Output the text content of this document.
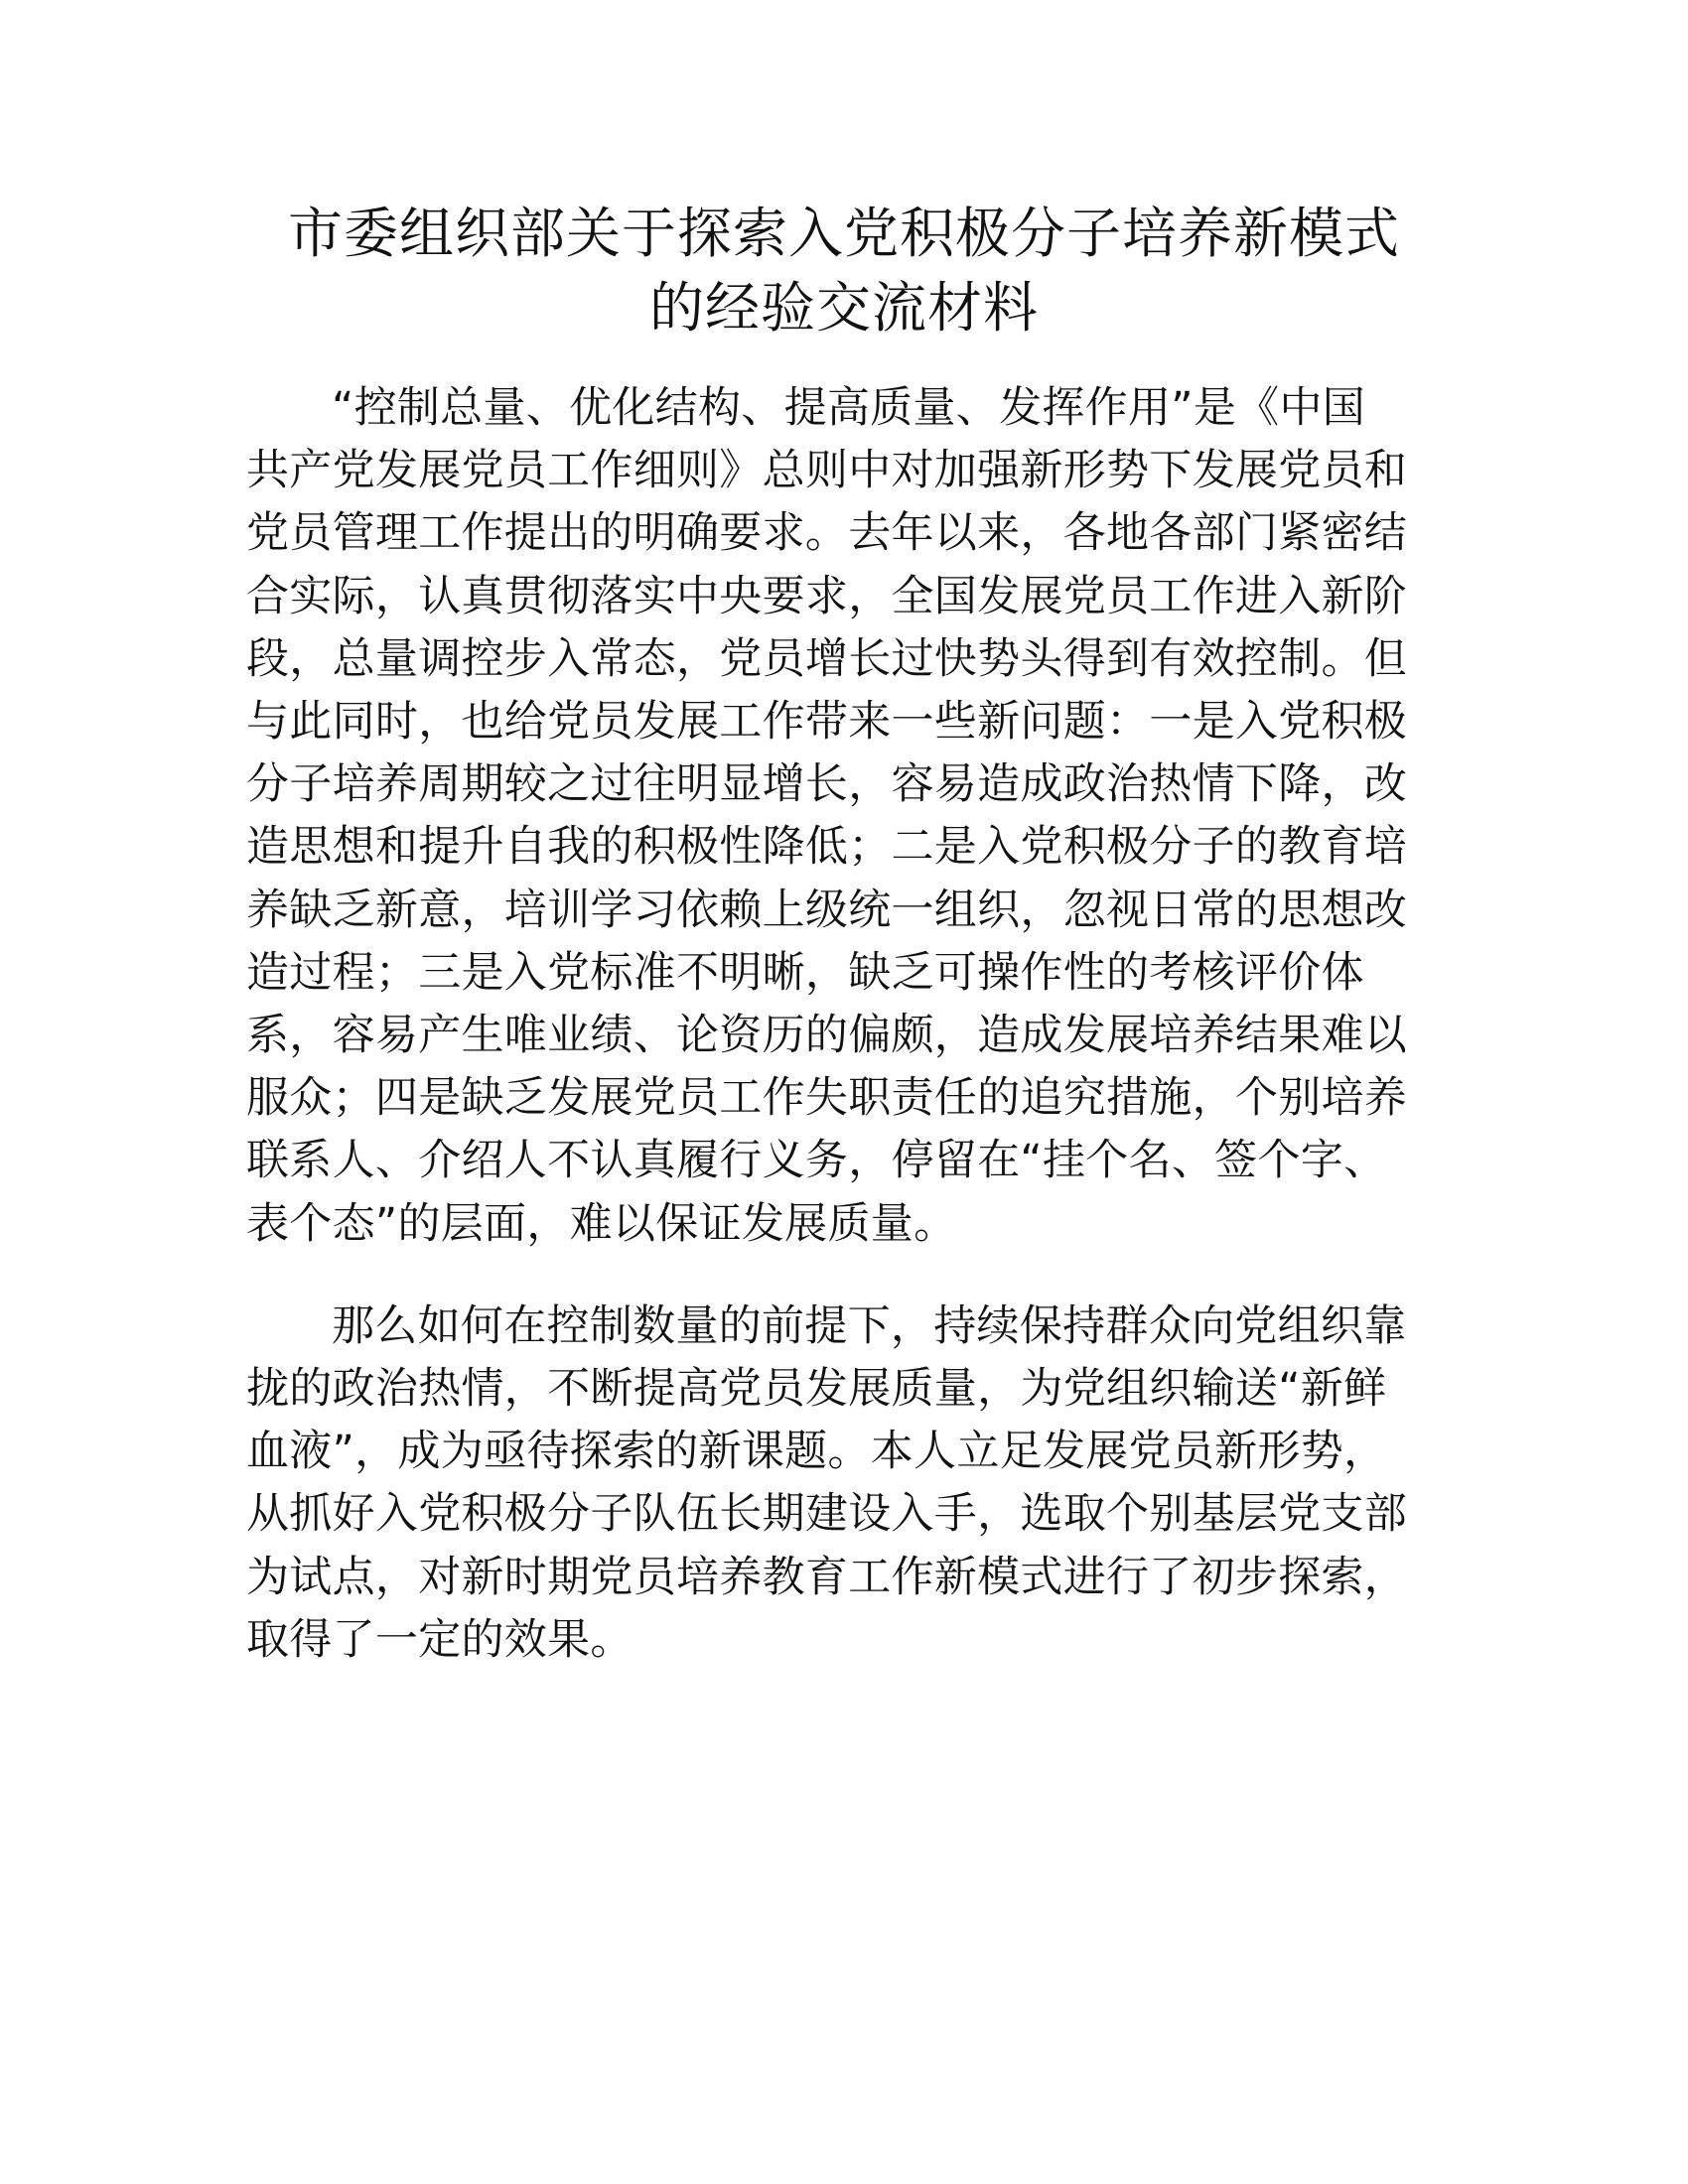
市委组织部关于探索入党积极分子培养新模式
的经验交流材料

“控制总量、优化结构、提高质量、发挥作用”是《中国
共产党发展党员工作细则》总则中对加强新形势下发展党员和
党员管理工作提出的明确要求。去年以来，各地各部门紧密结
合实际，认真贯彻落实中央要求，全国发展党员工作进入新阶
段，总量调控步入常态，党员增长过快势头得到有效控制。但
与此同时，也给党员发展工作带来一些新问题：一是入党积极
分子培养周期较之过往明显增长，容易造成政治热情下降，改
造思想和提升自我的积极性降低；二是入党积极分子的教育培
养缺乏新意，培训学习依赖上级统一组织，忽视日常的思想改
造过程；三是入党标准不明晰，缺乏可操作性的考核评价体
系，容易产生唯业绩、论资历的偏颇，造成发展培养结果难以
服众；四是缺乏发展党员工作失职责任的追究措施，个别培养
联系人、介绍人不认真履行义务，停留在“挂个名、签个字、
表个态”的层面，难以保证发展质量。

那么如何在控制数量的前提下，持续保持群众向党组织靠
拢的政治热情，不断提高党员发展质量，为党组织输送“新鲜
血液”，成为亟待探索的新课题。本人立足发展党员新形势，
从抓好入党积极分子队伍长期建设入手，选取个别基层党支部
为试点，对新时期党员培养教育工作新模式进行了初步探索，
取得了一定的效果。
